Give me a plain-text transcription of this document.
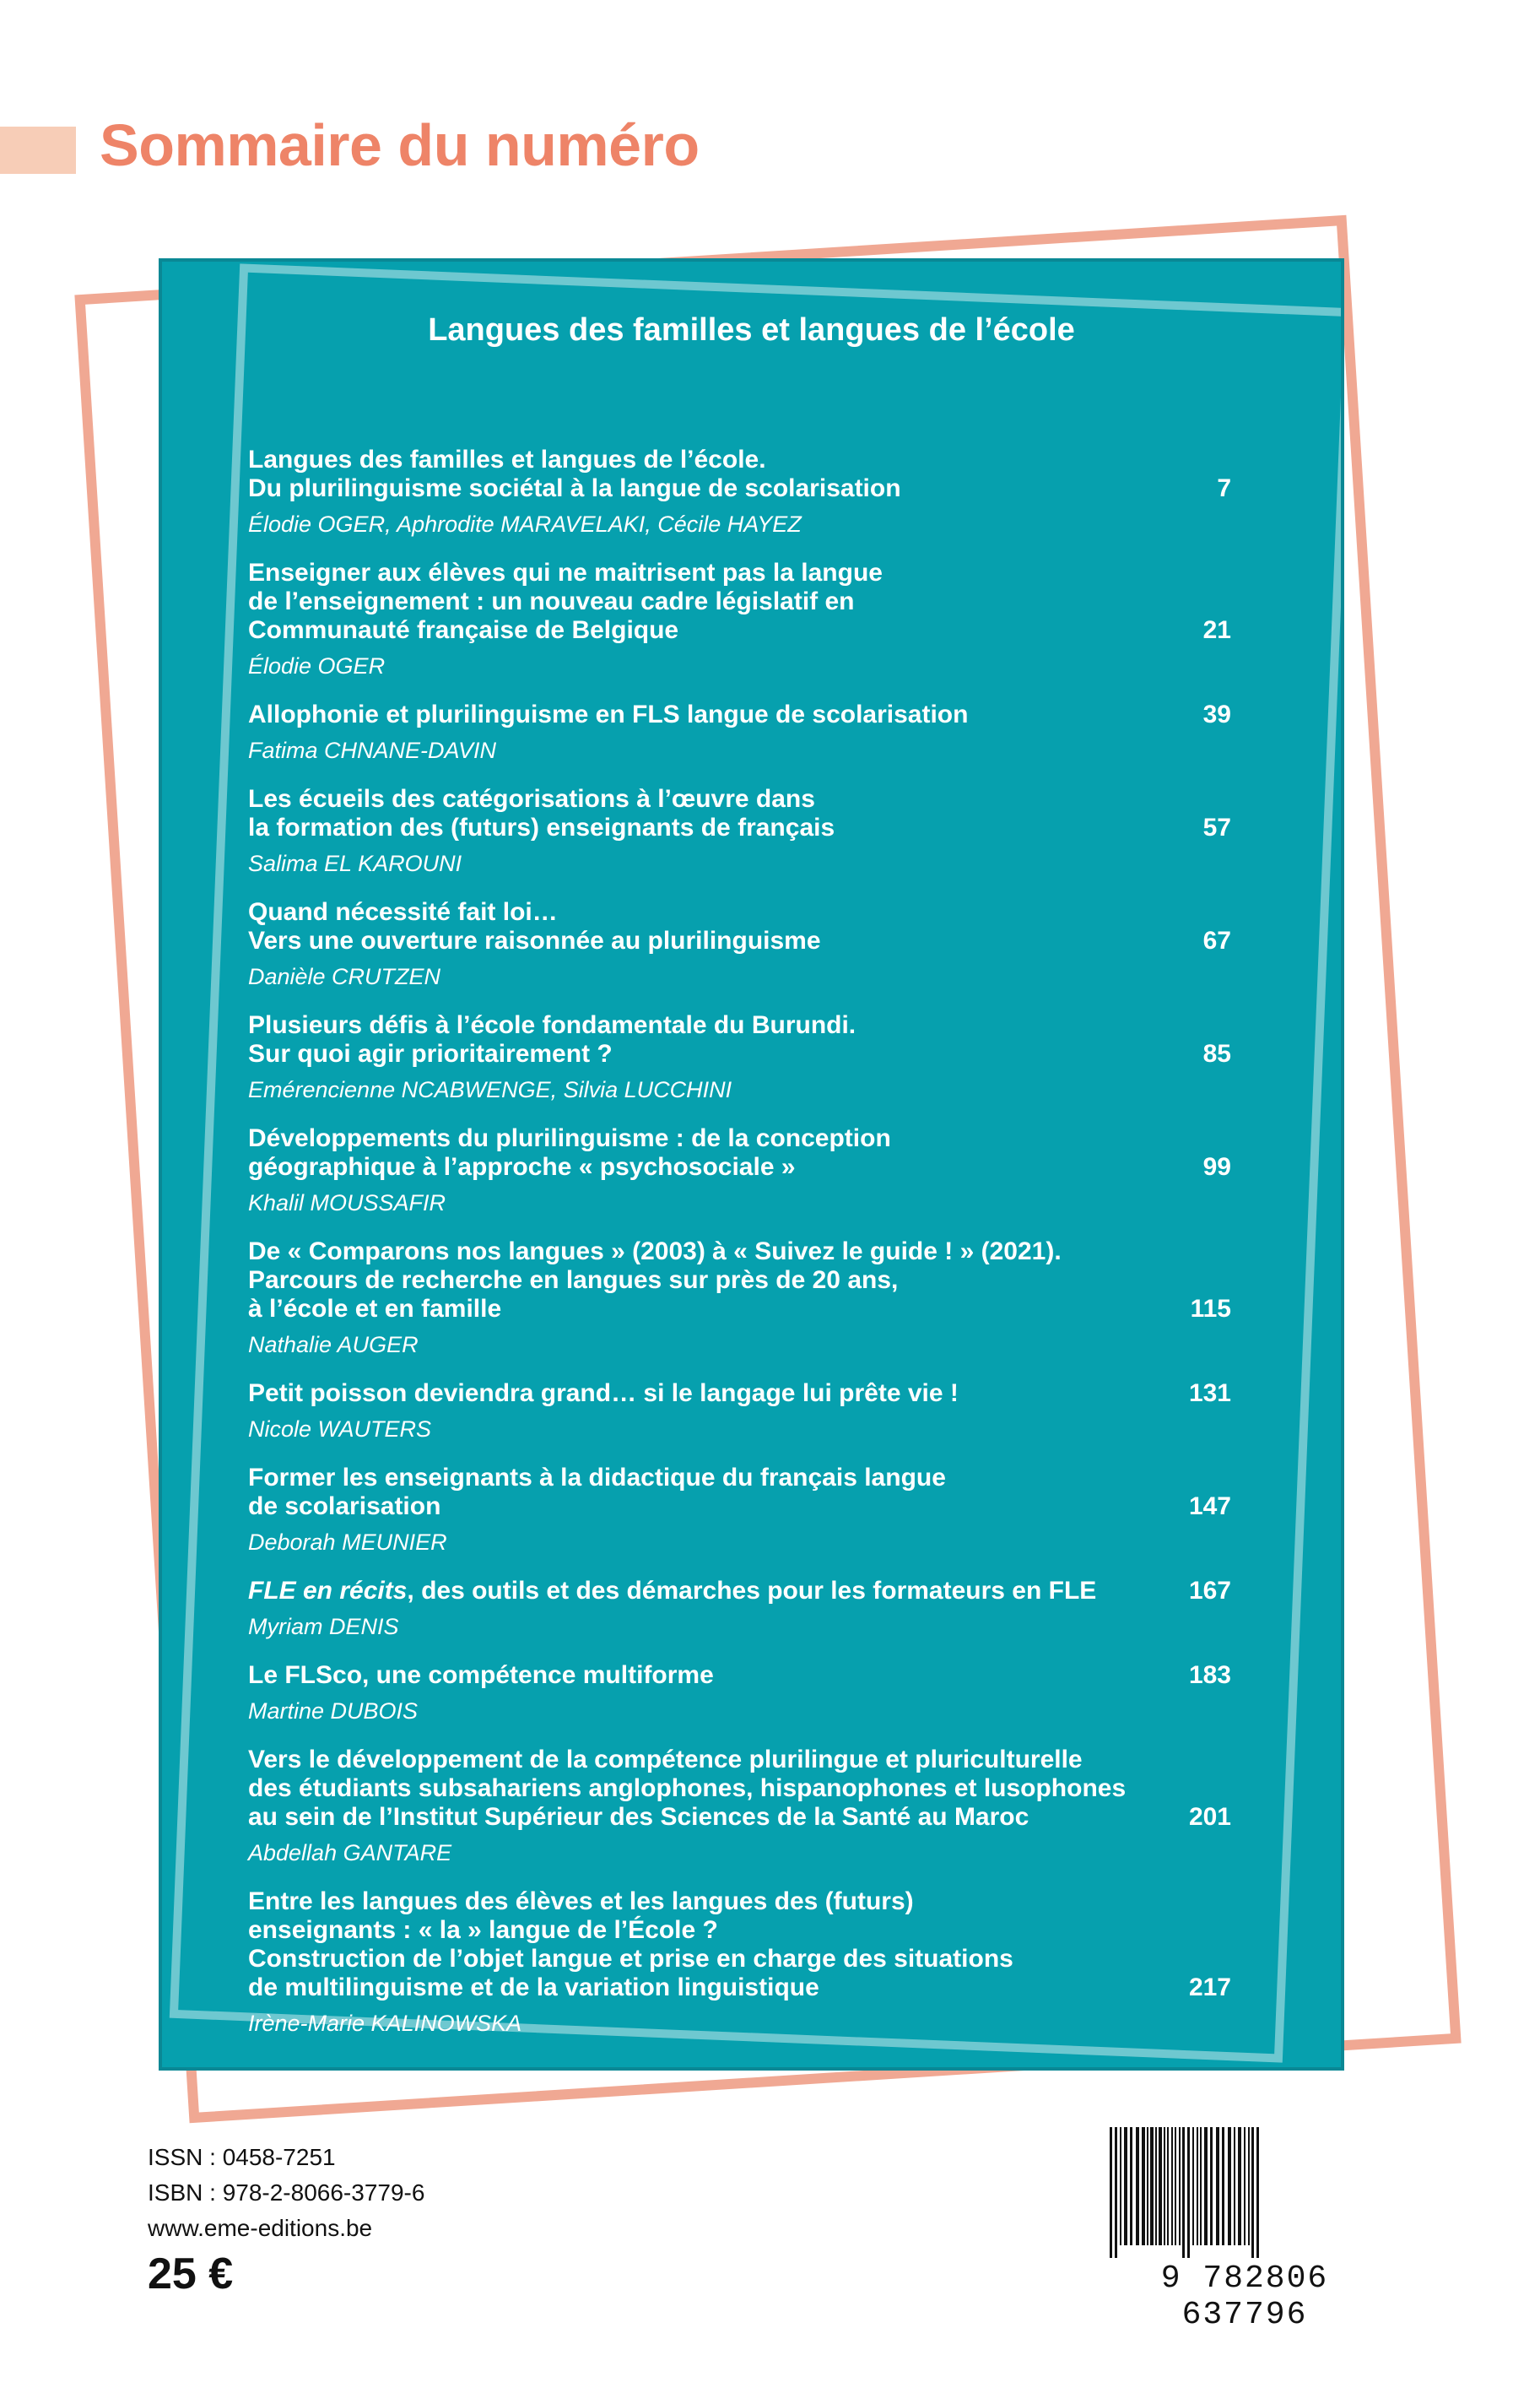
Sommaire du numéro
Langues des familles et langues de l’école
Langues des familles et langues de l’école.
Du plurilinguisme sociétal à la langue de scolarisation	7
Élodie OGER, Aphrodite MARAVELAKI, Cécile HAYEZ
Enseigner aux élèves qui ne maitrisent pas la langue
de l’enseignement : un nouveau cadre législatif en
Communauté française de Belgique	21
Élodie OGER
Allophonie et plurilinguisme en FLS langue de scolarisation	39
Fatima CHNANE-DAVIN
Les écueils des catégorisations à l’œuvre dans
la formation des (futurs) enseignants de français	57
Salima EL KAROUNI
Quand nécessité fait loi…
Vers une ouverture raisonnée au plurilinguisme	67
Danièle CRUTZEN
Plusieurs défis à l’école fondamentale du Burundi.
Sur quoi agir prioritairement ?	85
Emérencienne NCABWENGE, Silvia LUCCHINI
Développements du plurilinguisme : de la conception
géographique à l’approche « psychosociale »	99
Khalil MOUSSAFIR
De « Comparons nos langues » (2003) à « Suivez le guide ! » (2021).
Parcours de recherche en langues sur près de 20 ans,
à l’école et en famille	115
Nathalie AUGER
Petit poisson deviendra grand… si le langage lui prête vie !	131
Nicole WAUTERS
Former les enseignants à la didactique du français langue
de scolarisation	147
Deborah MEUNIER
FLE en récits, des outils et des démarches pour les formateurs en FLE	167
Myriam DENIS
Le FLSco, une compétence multiforme	183
Martine DUBOIS
Vers le développement de la compétence plurilingue et pluriculturelle
des étudiants subsahariens anglophones, hispanophones et lusophones
au sein de l’Institut Supérieur des Sciences de la Santé au Maroc	201
Abdellah GANTARE
Entre les langues des élèves et les langues des (futurs)
enseignants : « la » langue de l’École ?
Construction de l’objet langue et prise en charge des situations
de multilinguisme et de la variation linguistique	217
Irène-Marie KALINOWSKA
ISSN : 0458-7251
ISBN : 978-2-8066-3779-6
www.eme-editions.be
25 €	9 782806 637796
